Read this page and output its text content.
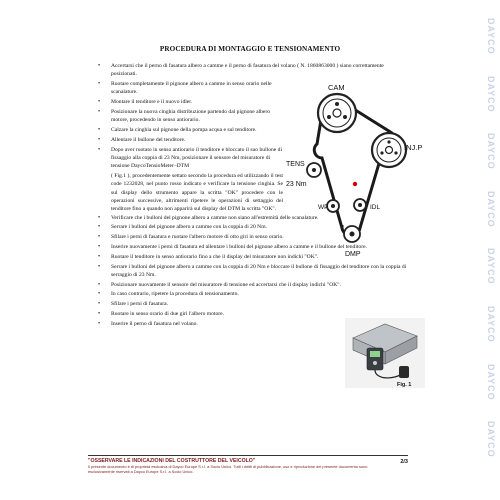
DAYCO
DAYCO
DAYCO
DAYCO
DAYCO
DAYCO
DAYCO
DAYCO
PROCEDURA DI MONTAGGIO E TENSIONAMENTO
• Accertarsi che il perno di fasatura albero a camme e il perno di fasatura del volano ( N. 1860863000 ) siano correttamente posizionati.
• Ruotare completamente il pignone albero a camme in senso orario nelle scanalature.
• Montare il tenditore e il nuovo idler.
• Posizionare la nuova cinghia distribuzione partendo dal pignone albero motore, procedendo in senso antiorario.
• Calzare la cinghia sul pignone della pompa acqua e sul tenditore.
• Allentare il bullone del tenditore.
• Dopo aver ruotato in senso antiorario il tenditore e bloccato il suo bullone di fissaggio alla coppia di 23 Nm, posizionare il sensore del misuratore di tensione DaycoTensioMeter–DTM
( Fig.1 ), procedentemente settato secondo la procedura ed utilizzando il test code 1232028, nel punto rosso indicato e verificare la tensione cinghia. Se sul display dello strumento appare la scritta "OK" procedere con le operazioni successive, altrimenti ripetere le operazioni di settaggio del tenditore fino a quando non apparirà sul display del DTM la scritta "OK".
• Verificare che i bulloni del pignone albero a camme non siano all'estremità delle scanalature.
• Serrare i bulloni del pignone albero a camme con la coppia di 20 Nm.
• Sfilare i perni di fasatura e ruotare l'albero motore di otto giri in senso orario.
• Inserire nuovamente i perni di fasatura ed allentare i bulloni del pignone albero a camme e il bullone del tenditore.
• Ruotare il tenditore in senso antiorario fino a che il display del misuratore non indichi "OK".
• Serrare i bulloni del pignone albero a camme con la coppia di 20 Nm e bloccare il bullone di fissaggio del tenditore con la coppia di serraggio di 23 Nm.
• Posizionare nuovamente il sensore del misuratore di tensione ed accertarsi che il display indichi "OK".
• In caso contrario, ripetere la procedura di tensionamento.
• Sfilare i perni di fasatura.
• Ruotare in senso orario di due giri l'albero motore.
• Inserire il perno di fasatura nel volano.
CAM
INJ.P
TENS
23 Nm
WP	IDL
DMP
Fig. 1
"OSSERVARE LE INDICAZIONI DEL COSTRUTTORE DEL VEICOLO"
Il presente documento è di proprietà esclusiva di Dayco Europe S.r.l. a Socio Unico. Tutti i diritti di pubblicazione, uso e riproduzione del presente documento sono esclusivamente riservati a Dayco Europe S.r.l. a Socio Unico.
2/3
